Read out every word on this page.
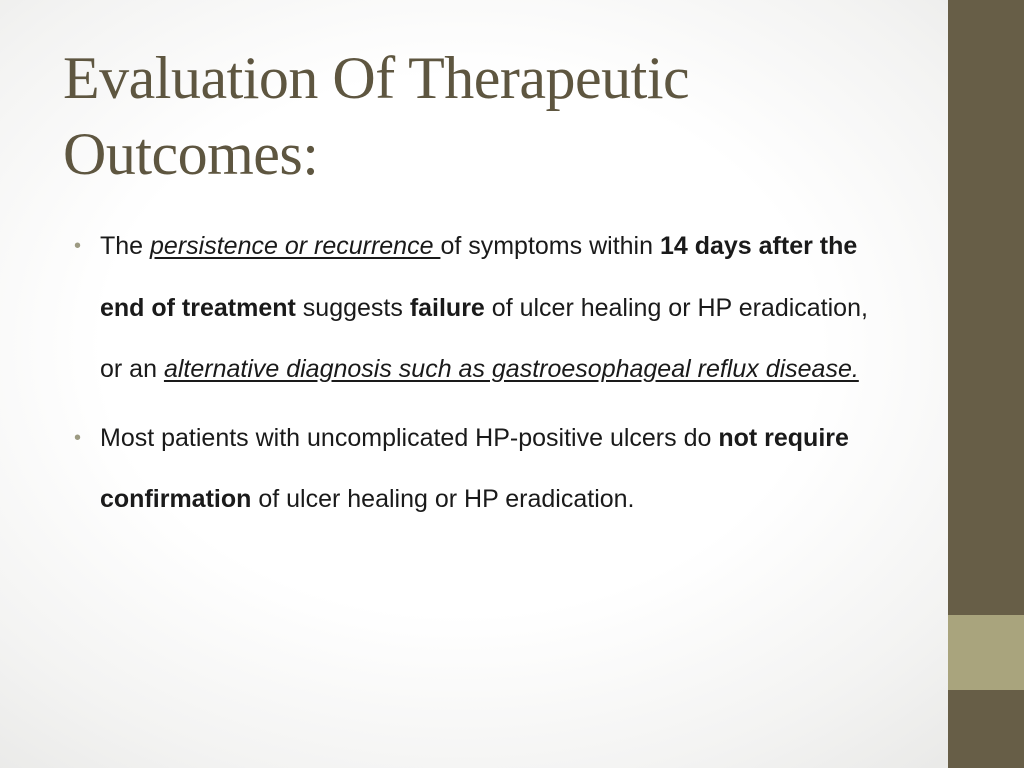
Evaluation Of Therapeutic Outcomes:
• The persistence or recurrence of symptoms within 14 days after the end of treatment suggests failure of ulcer healing or HP eradication, or an alternative diagnosis such as gastroesophageal reflux disease.
• Most patients with uncomplicated HP-positive ulcers do not require confirmation of ulcer healing or HP eradication.
